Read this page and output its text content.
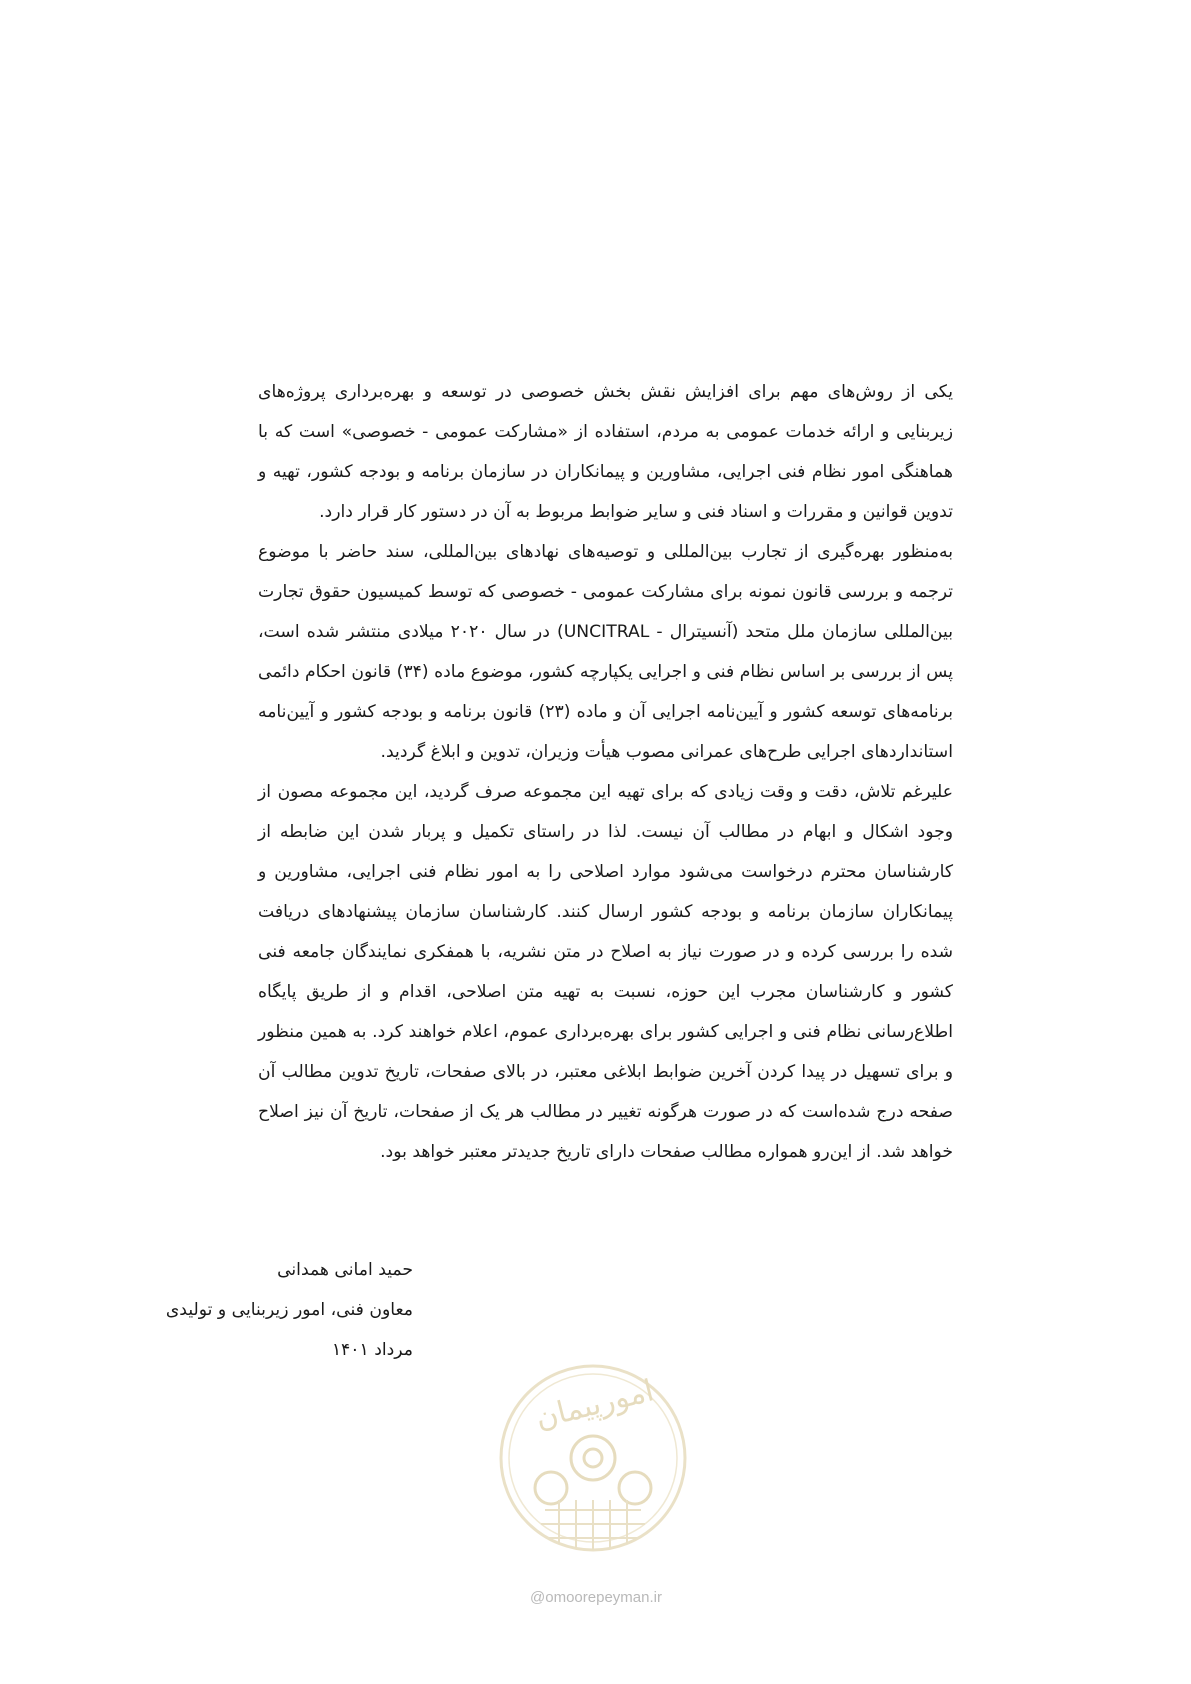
یکی از روش‌های مهم برای افزایش نقش بخش خصوصی در توسعه و بهره‌برداری پروژه‌های زیربنایی و ارائه خدمات عمومی به مردم، استفاده از «مشارکت عمومی - خصوصی» است که با هماهنگی امور نظام فنی اجرایی، مشاورین و پیمانکاران در سازمان برنامه و بودجه کشور، تهیه و تدوین قوانین و مقررات و اسناد فنی و سایر ضوابط مربوط به آن در دستور کار قرار دارد.

به‌منظور بهره‌گیری از تجارب بین‌المللی و توصیه‌های نهادهای بین‌المللی، سند حاضر با موضوع ترجمه و بررسی قانون نمونه برای مشارکت عمومی - خصوصی که توسط کمیسیون حقوق تجارت بین‌المللی سازمان ملل متحد (آنسیترال - UNCITRAL) در سال ۲۰۲۰ میلادی منتشر شده است، پس از بررسی بر اساس نظام فنی و اجرایی یکپارچه کشور، موضوع ماده (۳۴) قانون احکام دائمی برنامه‌های توسعه کشور و آیین‌نامه اجرایی آن و ماده (۲۳) قانون برنامه و بودجه کشور و آیین‌نامه استانداردهای اجرایی طرح‌های عمرانی مصوب هیأت وزیران، تدوین و ابلاغ گردید.

علیرغم تلاش، دقت و وقت زیادی که برای تهیه این مجموعه صرف گردید، این مجموعه مصون از وجود اشکال و ابهام در مطالب آن نیست. لذا در راستای تکمیل و پربار شدن این ضابطه از کارشناسان محترم درخواست می‌شود موارد اصلاحی را به امور نظام فنی اجرایی، مشاورین و پیمانکاران سازمان برنامه و بودجه کشور ارسال کنند. کارشناسان سازمان پیشنهادهای دریافت شده را بررسی کرده و در صورت نیاز به اصلاح در متن نشریه، با همفکری نمایندگان جامعه فنی کشور و کارشناسان مجرب این حوزه، نسبت به تهیه متن اصلاحی، اقدام و از طریق پایگاه اطلاع‌رسانی نظام فنی و اجرایی کشور برای بهره‌برداری عموم، اعلام خواهند کرد. به همین منظور و برای تسهیل در پیدا کردن آخرین ضوابط ابلاغی معتبر، در بالای صفحات، تاریخ تدوین مطالب آن صفحه درج شده‌است که در صورت هرگونه تغییر در مطالب هر یک از صفحات، تاریخ آن نیز اصلاح خواهد شد. از این‌رو همواره مطالب صفحات دارای تاریخ جدیدتر معتبر خواهد بود.

حمید امانی همدانی
معاون فنی، امور زیربنایی و تولیدی
مرداد ۱۴۰۱
امورپیمان
@omoorepeyman.ir
